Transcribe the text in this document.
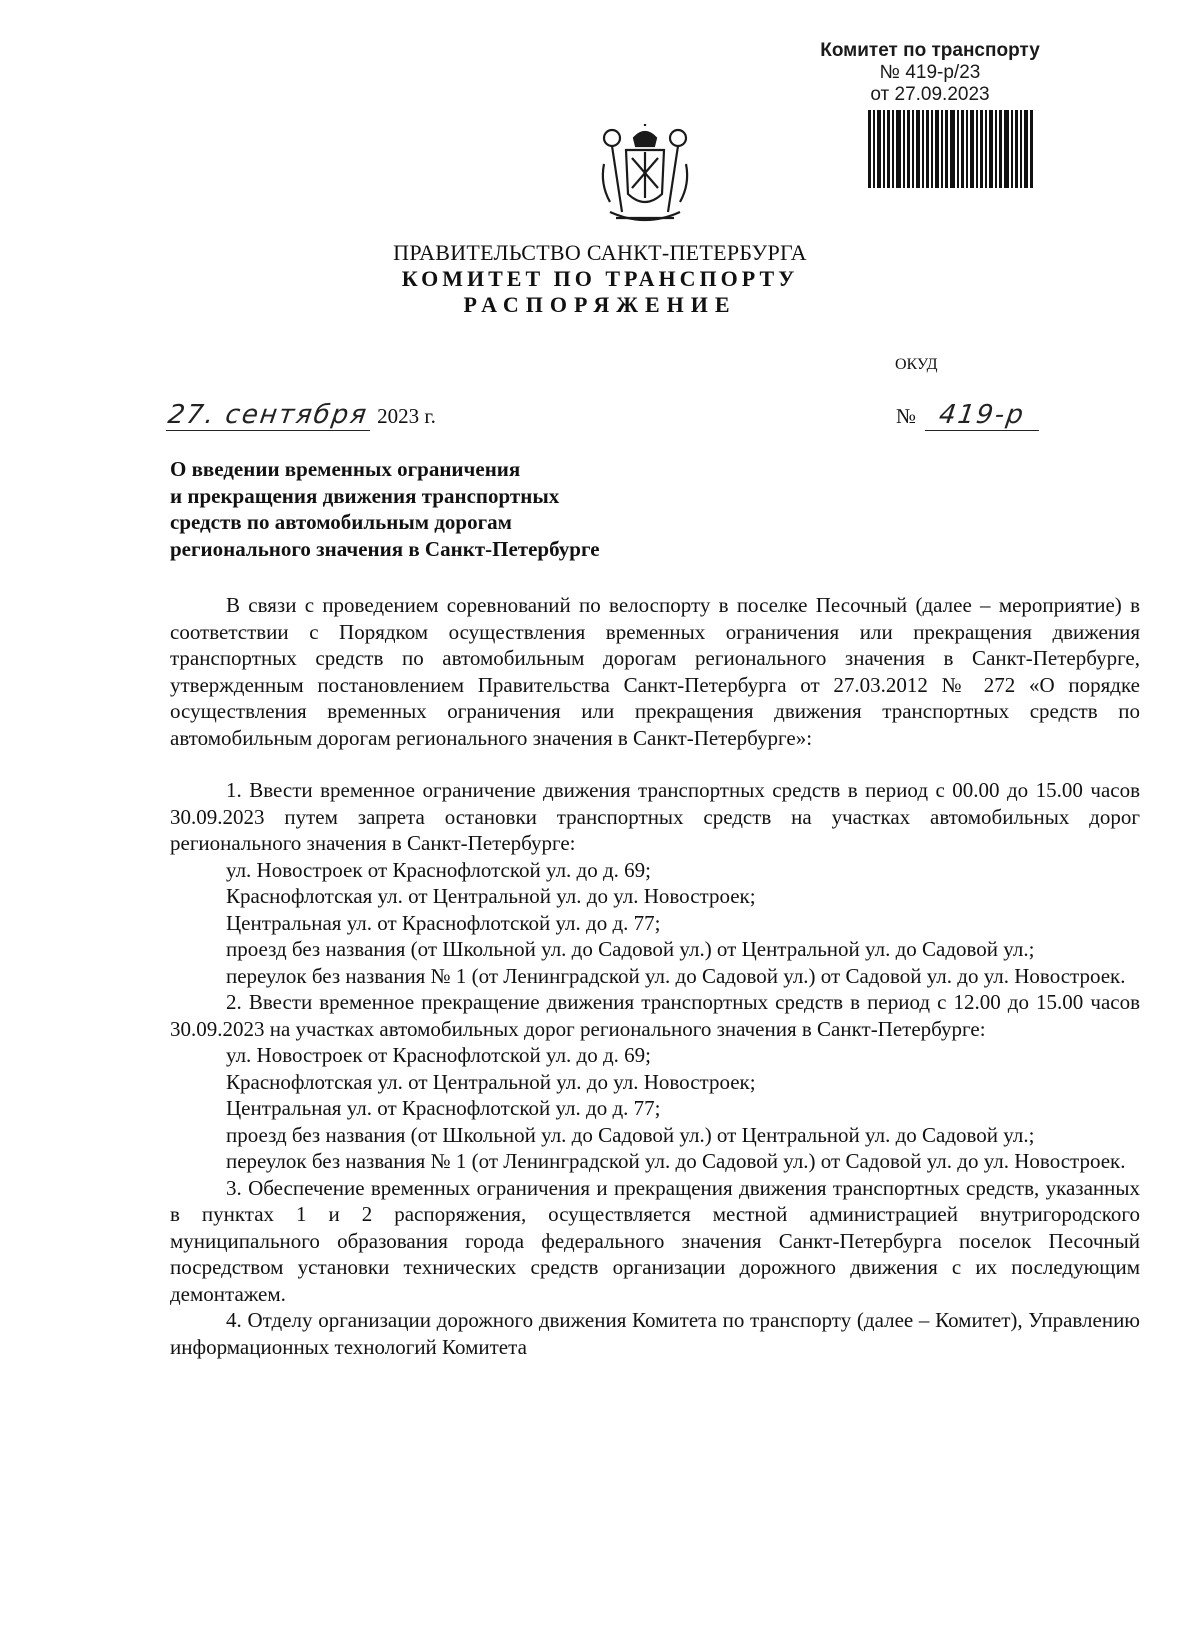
Комитет по транспорту
№ 419-р/23
от 27.09.2023
ПРАВИТЕЛЬСТВО САНКТ-ПЕТЕРБУРГА
КОМИТЕТ ПО ТРАНСПОРТУ
РАСПОРЯЖЕНИЕ
ОКУД
27. сентября 2023 г.	№ 419-р
О введении временных ограничения
и прекращения движения транспортных
средств по автомобильным дорогам
регионального значения в Санкт-Петербурге

В связи с проведением соревнований по велоспорту в поселке Песочный (далее – мероприятие) в соответствии с Порядком осуществления временных ограничения или прекращения движения транспортных средств по автомобильным дорогам регионального значения в Санкт-Петербурге, утвержденным постановлением Правительства Санкт-Петербурга от 27.03.2012 № 272 «О порядке осуществления временных ограничения или прекращения движения транспортных средств по автомобильным дорогам регионального значения в Санкт-Петербурге»:

1. Ввести временное ограничение движения транспортных средств в период с 00.00 до 15.00 часов 30.09.2023 путем запрета остановки транспортных средств на участках автомобильных дорог регионального значения в Санкт-Петербурге:

ул. Новостроек от Краснофлотской ул. до д. 69;

Краснофлотская ул. от Центральной ул. до ул. Новостроек;

Центральная ул. от Краснофлотской ул. до д. 77;

проезд без названия (от Школьной ул. до Садовой ул.) от Центральной ул. до Садовой ул.;

переулок без названия № 1 (от Ленинградской ул. до Садовой ул.) от Садовой ул. до ул. Новостроек.

2. Ввести временное прекращение движения транспортных средств в период с 12.00 до 15.00 часов 30.09.2023 на участках автомобильных дорог регионального значения в Санкт-Петербурге:

ул. Новостроек от Краснофлотской ул. до д. 69;

Краснофлотская ул. от Центральной ул. до ул. Новостроек;

Центральная ул. от Краснофлотской ул. до д. 77;

проезд без названия (от Школьной ул. до Садовой ул.) от Центральной ул. до Садовой ул.;

переулок без названия № 1 (от Ленинградской ул. до Садовой ул.) от Садовой ул. до ул. Новостроек.

3. Обеспечение временных ограничения и прекращения движения транспортных средств, указанных в пунктах 1 и 2 распоряжения, осуществляется местной администрацией внутригородского муниципального образования города федерального значения Санкт-Петербурга поселок Песочный посредством установки технических средств организации дорожного движения с их последующим демонтажем.

4. Отделу организации дорожного движения Комитета по транспорту (далее – Комитет), Управлению информационных технологий Комитета
